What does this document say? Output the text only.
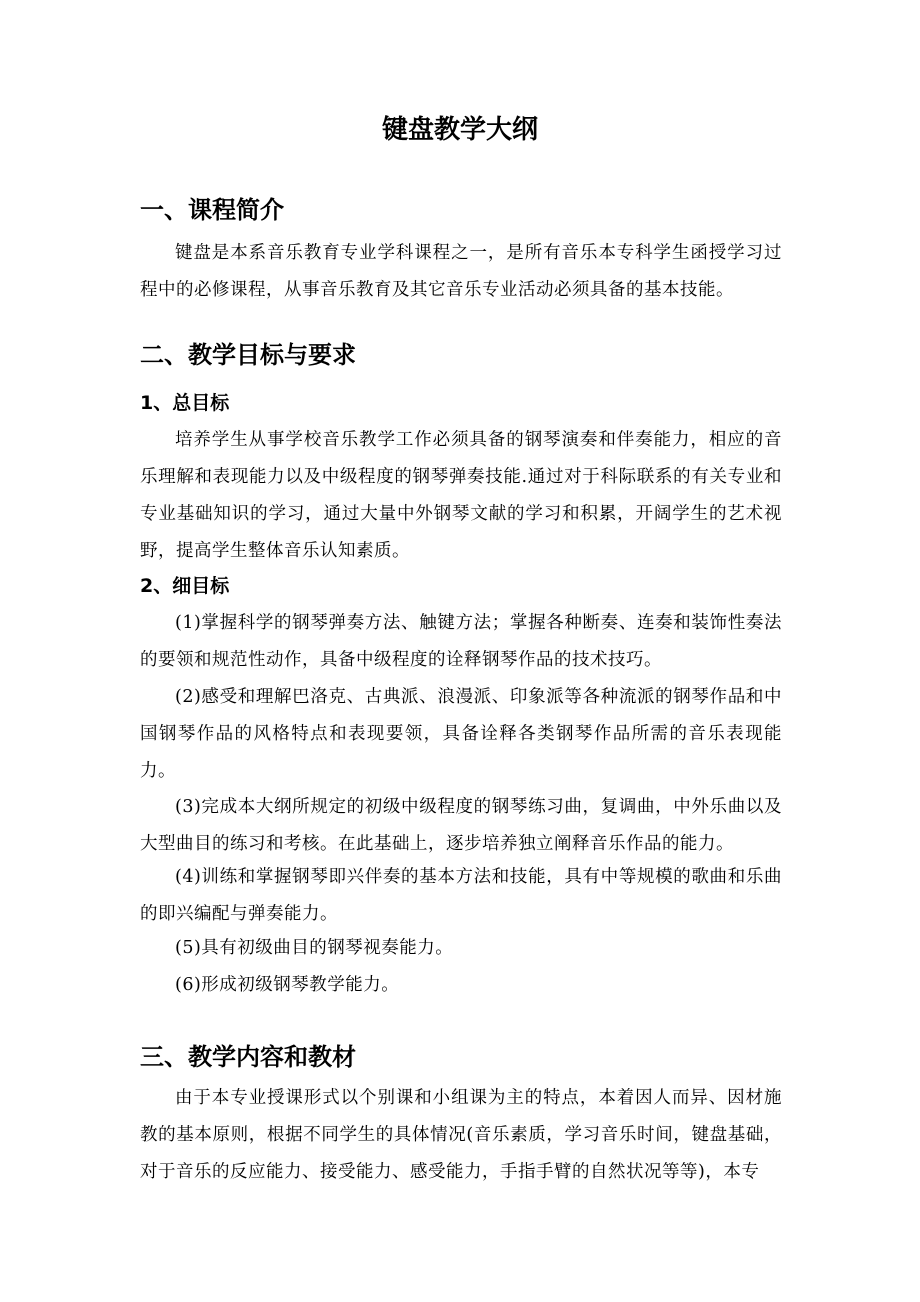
键盘教学大纲
一、课程简介

键盘是本系音乐教育专业学科课程之一，是所有音乐本专科学生函授学习过程中的必修课程，从事音乐教育及其它音乐专业活动必须具备的基本技能。

二、教学目标与要求
1、总目标

培养学生从事学校音乐教学工作必须具备的钢琴演奏和伴奏能力，相应的音乐理解和表现能力以及中级程度的钢琴弹奏技能.通过对于科际联系的有关专业和专业基础知识的学习，通过大量中外钢琴文献的学习和积累，开阔学生的艺术视野，提高学生整体音乐认知素质。

2、细目标

(1)掌握科学的钢琴弹奏方法、触键方法；掌握各种断奏、连奏和装饰性奏法的要领和规范性动作，具备中级程度的诠释钢琴作品的技术技巧。

(2)感受和理解巴洛克、古典派、浪漫派、印象派等各种流派的钢琴作品和中国钢琴作品的风格特点和表现要领，具备诠释各类钢琴作品所需的音乐表现能力。

(3)完成本大纲所规定的初级中级程度的钢琴练习曲，复调曲，中外乐曲以及大型曲目的练习和考核。在此基础上，逐步培养独立阐释音乐作品的能力。

(4)训练和掌握钢琴即兴伴奏的基本方法和技能，具有中等规模的歌曲和乐曲的即兴编配与弹奏能力。

(5)具有初级曲目的钢琴视奏能力。

(6)形成初级钢琴教学能力。

三、教学内容和教材

由于本专业授课形式以个别课和小组课为主的特点，本着因人而异、因材施教的基本原则，根据不同学生的具体情况(音乐素质，学习音乐时间，键盘基础，对于音乐的反应能力、接受能力、感受能力，手指手臂的自然状况等等)，本专
